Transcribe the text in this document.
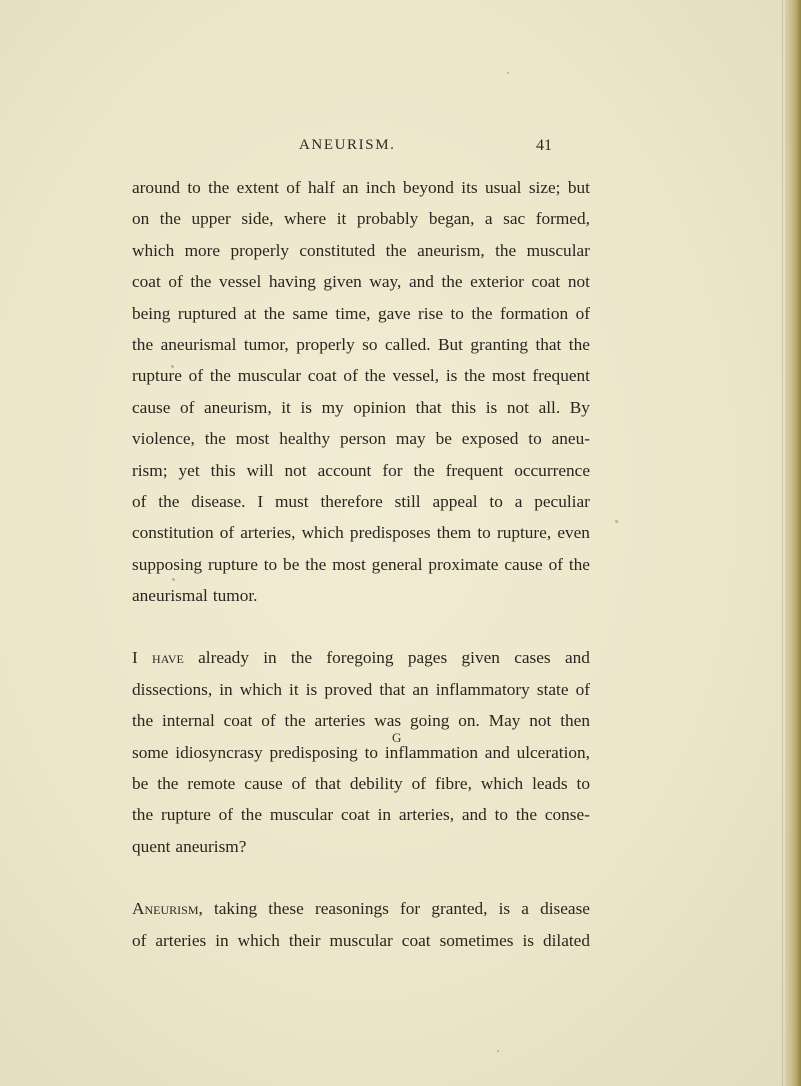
ANEURISM.	41
around to the extent of half an inch beyond its usual size; but
on the upper side, where it probably began, a sac formed,
which more properly constituted the aneurism, the muscular
coat of the vessel having given way, and the exterior coat not
being ruptured at the same time, gave rise to the formation of
the aneurismal tumor, properly so called. But granting that the
rupture of the muscular coat of the vessel, is the most frequent
cause of aneurism, it is my opinion that this is not all. By
violence, the most healthy person may be exposed to aneu-
rism; yet this will not account for the frequent occurrence
of the disease. I must therefore still appeal to a peculiar
constitution of arteries, which predisposes them to rupture, even
supposing rupture to be the most general proximate cause of the
aneurismal tumor.
I have already in the foregoing pages given cases and
dissections, in which it is proved that an inflammatory state of
the internal coat of the arteries was going on. May not then
some idiosyncrasy predisposing to inflammation and ulceration,
be the remote cause of that debility of fibre, which leads to
the rupture of the muscular coat in arteries, and to the conse-
quent aneurism?
Aneurism, taking these reasonings for granted, is a disease
of arteries in which their muscular coat sometimes is dilated
G
